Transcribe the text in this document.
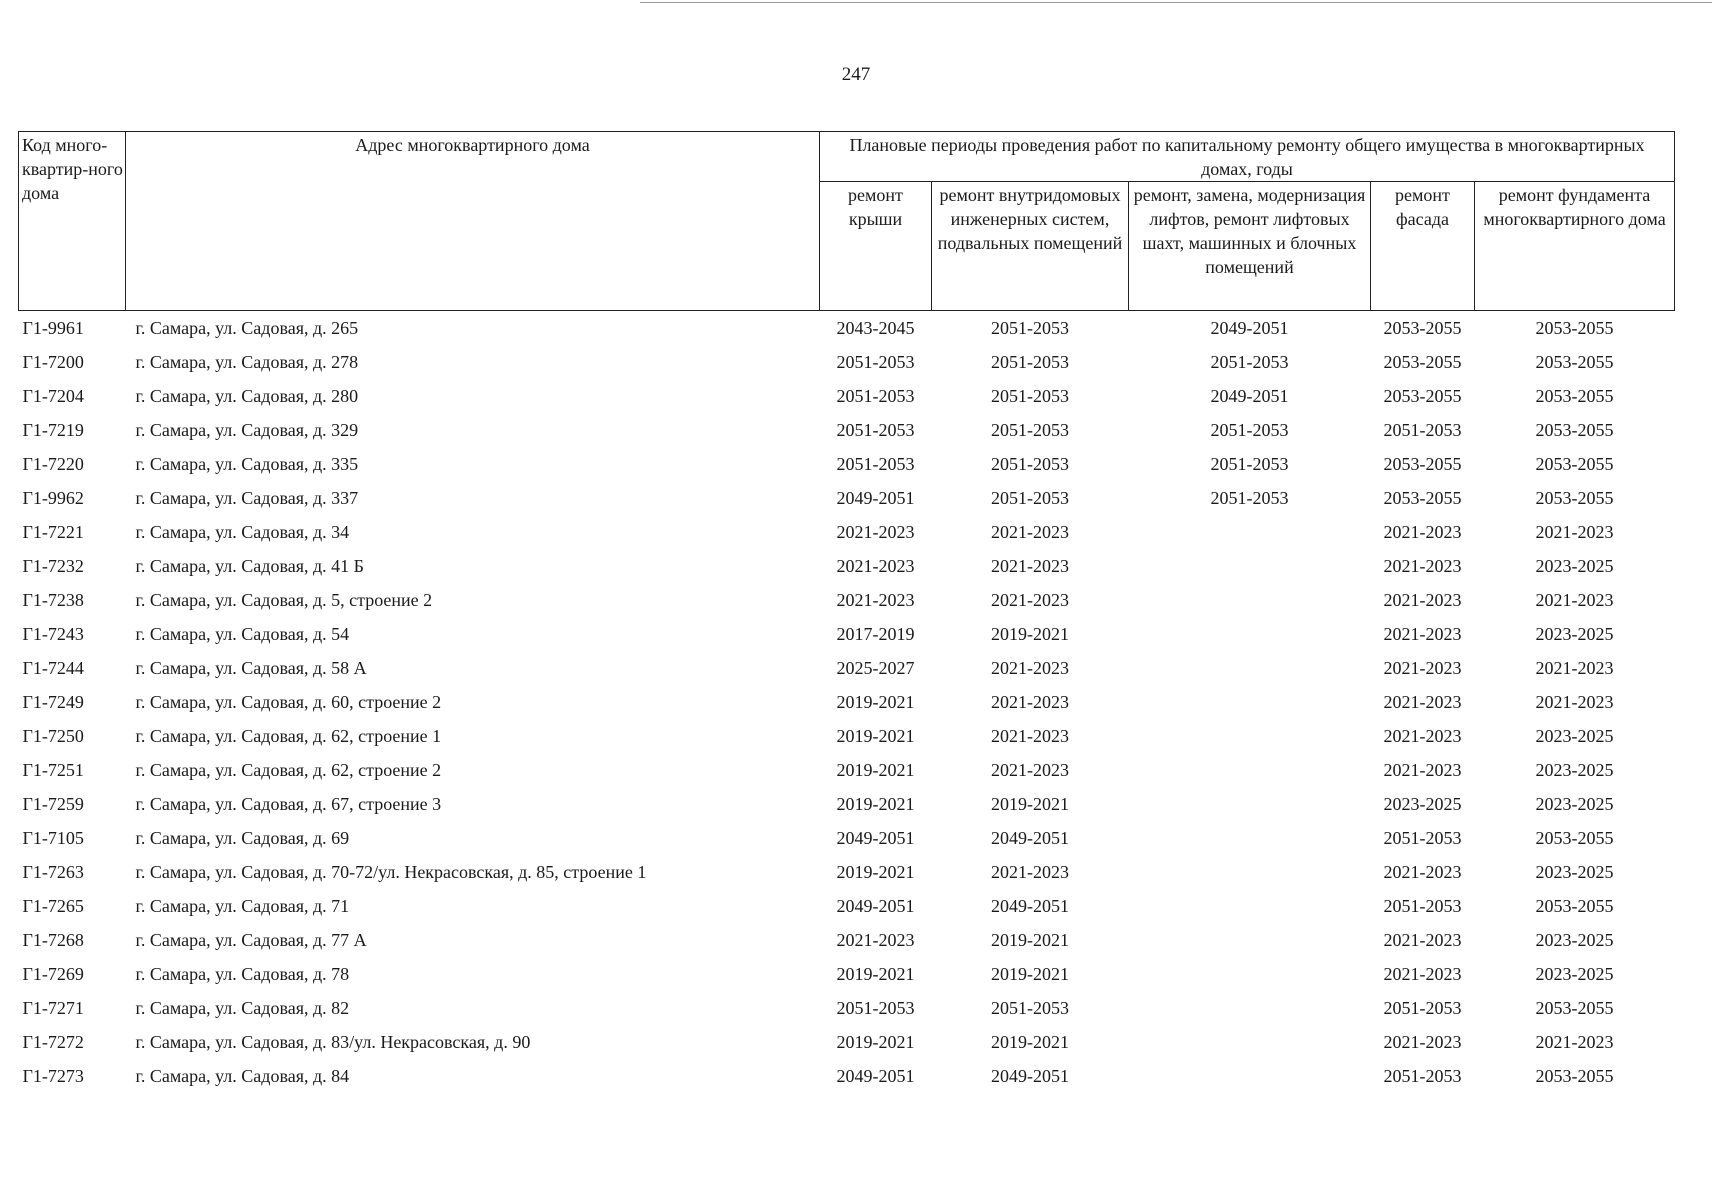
247
Код много-квартир-ного дома	Адрес многоквартирного дома	Плановые периоды проведения работ по капитальному ремонту общего имущества в многоквартирных домах, годы				
		ремонт крыши	ремонт внутридомовых инженерных систем, подвальных помещений	ремонт, замена, модернизация лифтов, ремонт лифтовых шахт, машинных и блочных помещений	ремонт фасада	ремонт фундамента многоквартирного дома
Г1-9961	г. Самара, ул. Садовая, д. 265	2043-2045	2051-2053	2049-2051	2053-2055	2053-2055
Г1-7200	г. Самара, ул. Садовая, д. 278	2051-2053	2051-2053	2051-2053	2053-2055	2053-2055
Г1-7204	г. Самара, ул. Садовая, д. 280	2051-2053	2051-2053	2049-2051	2053-2055	2053-2055
Г1-7219	г. Самара, ул. Садовая, д. 329	2051-2053	2051-2053	2051-2053	2051-2053	2053-2055
Г1-7220	г. Самара, ул. Садовая, д. 335	2051-2053	2051-2053	2051-2053	2053-2055	2053-2055
Г1-9962	г. Самара, ул. Садовая, д. 337	2049-2051	2051-2053	2051-2053	2053-2055	2053-2055
Г1-7221	г. Самара, ул. Садовая, д. 34	2021-2023	2021-2023		2021-2023	2021-2023
Г1-7232	г. Самара, ул. Садовая, д. 41 Б	2021-2023	2021-2023		2021-2023	2023-2025
Г1-7238	г. Самара, ул. Садовая, д. 5, строение 2	2021-2023	2021-2023		2021-2023	2021-2023
Г1-7243	г. Самара, ул. Садовая, д. 54	2017-2019	2019-2021		2021-2023	2023-2025
Г1-7244	г. Самара, ул. Садовая, д. 58 А	2025-2027	2021-2023		2021-2023	2021-2023
Г1-7249	г. Самара, ул. Садовая, д. 60, строение 2	2019-2021	2021-2023		2021-2023	2021-2023
Г1-7250	г. Самара, ул. Садовая, д. 62, строение 1	2019-2021	2021-2023		2021-2023	2023-2025
Г1-7251	г. Самара, ул. Садовая, д. 62, строение 2	2019-2021	2021-2023		2021-2023	2023-2025
Г1-7259	г. Самара, ул. Садовая, д. 67, строение 3	2019-2021	2019-2021		2023-2025	2023-2025
Г1-7105	г. Самара, ул. Садовая, д. 69	2049-2051	2049-2051		2051-2053	2053-2055
Г1-7263	г. Самара, ул. Садовая, д. 70-72/ул. Некрасовская, д. 85, строение 1	2019-2021	2021-2023		2021-2023	2023-2025
Г1-7265	г. Самара, ул. Садовая, д. 71	2049-2051	2049-2051		2051-2053	2053-2055
Г1-7268	г. Самара, ул. Садовая, д. 77 А	2021-2023	2019-2021		2021-2023	2023-2025
Г1-7269	г. Самара, ул. Садовая, д. 78	2019-2021	2019-2021		2021-2023	2023-2025
Г1-7271	г. Самара, ул. Садовая, д. 82	2051-2053	2051-2053		2051-2053	2053-2055
Г1-7272	г. Самара, ул. Садовая, д. 83/ул. Некрасовская, д. 90	2019-2021	2019-2021		2021-2023	2021-2023
Г1-7273	г. Самара, ул. Садовая, д. 84	2049-2051	2049-2051		2051-2053	2053-2055
